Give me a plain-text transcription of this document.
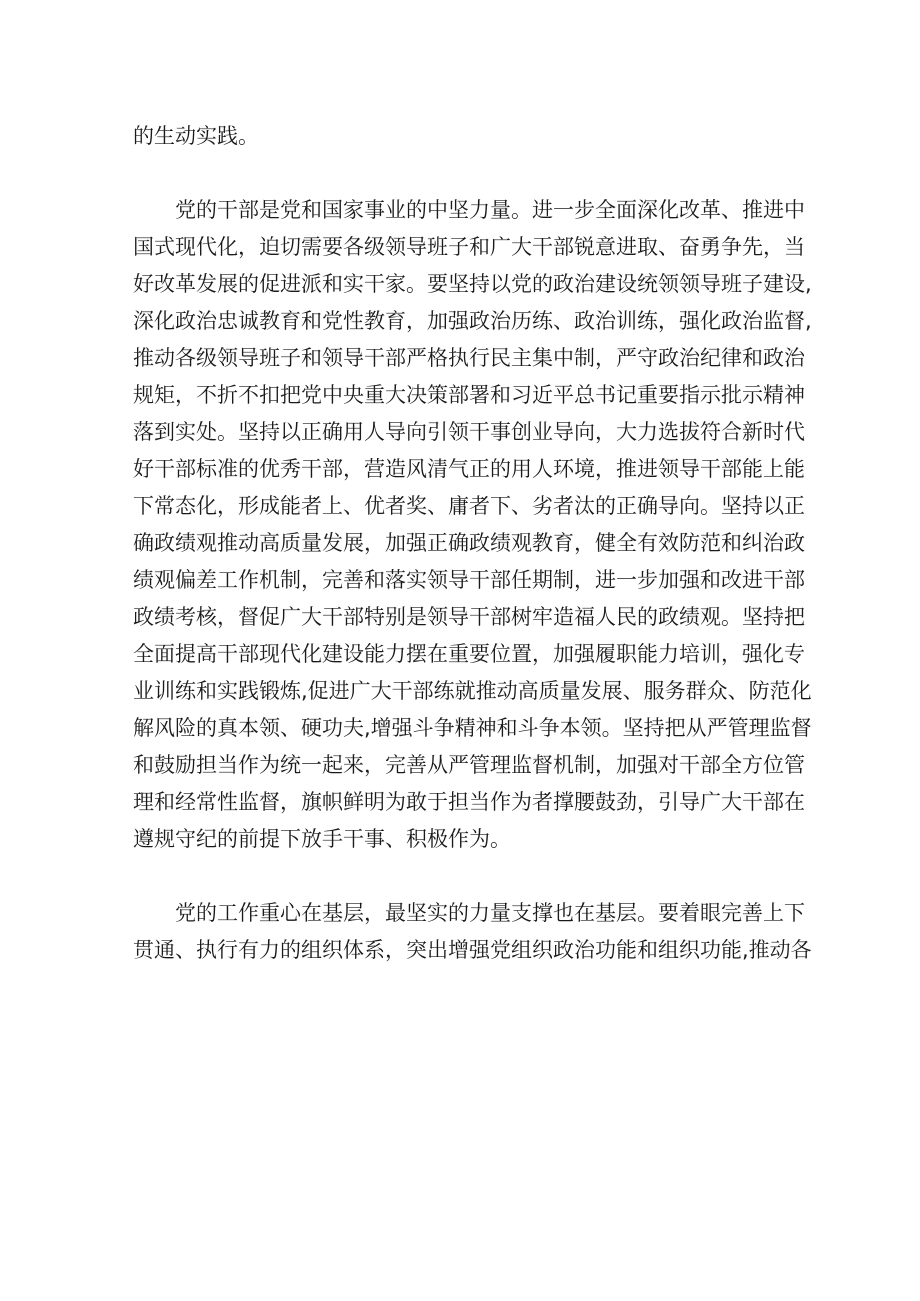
的生动实践。
党的干部是党和国家事业的中坚力量。进一步全面深化改革、推进中
国式现代化，迫切需要各级领导班子和广大干部锐意进取、奋勇争先，当
好改革发展的促进派和实干家。要坚持以党的政治建设统领领导班子建设,
深化政治忠诚教育和党性教育，加强政治历练、政治训练，强化政治监督,
推动各级领导班子和领导干部严格执行民主集中制，严守政治纪律和政治
规矩，不折不扣把党中央重大决策部署和习近平总书记重要指示批示精神
落到实处。坚持以正确用人导向引领干事创业导向，大力选拔符合新时代
好干部标准的优秀干部，营造风清气正的用人环境，推进领导干部能上能
下常态化，形成能者上、优者奖、庸者下、劣者汰的正确导向。坚持以正
确政绩观推动高质量发展，加强正确政绩观教育，健全有效防范和纠治政
绩观偏差工作机制，完善和落实领导干部任期制，进一步加强和改进干部
政绩考核，督促广大干部特别是领导干部树牢造福人民的政绩观。坚持把
全面提高干部现代化建设能力摆在重要位置，加强履职能力培训，强化专
业训练和实践锻炼,促进广大干部练就推动高质量发展、服务群众、防范化
解风险的真本领、硬功夫,增强斗争精神和斗争本领。坚持把从严管理监督
和鼓励担当作为统一起来，完善从严管理监督机制，加强对干部全方位管
理和经常性监督，旗帜鲜明为敢于担当作为者撑腰鼓劲，引导广大干部在
遵规守纪的前提下放手干事、积极作为。
党的工作重心在基层，最坚实的力量支撑也在基层。要着眼完善上下
贯通、执行有力的组织体系，突出增强党组织政治功能和组织功能,推动各
